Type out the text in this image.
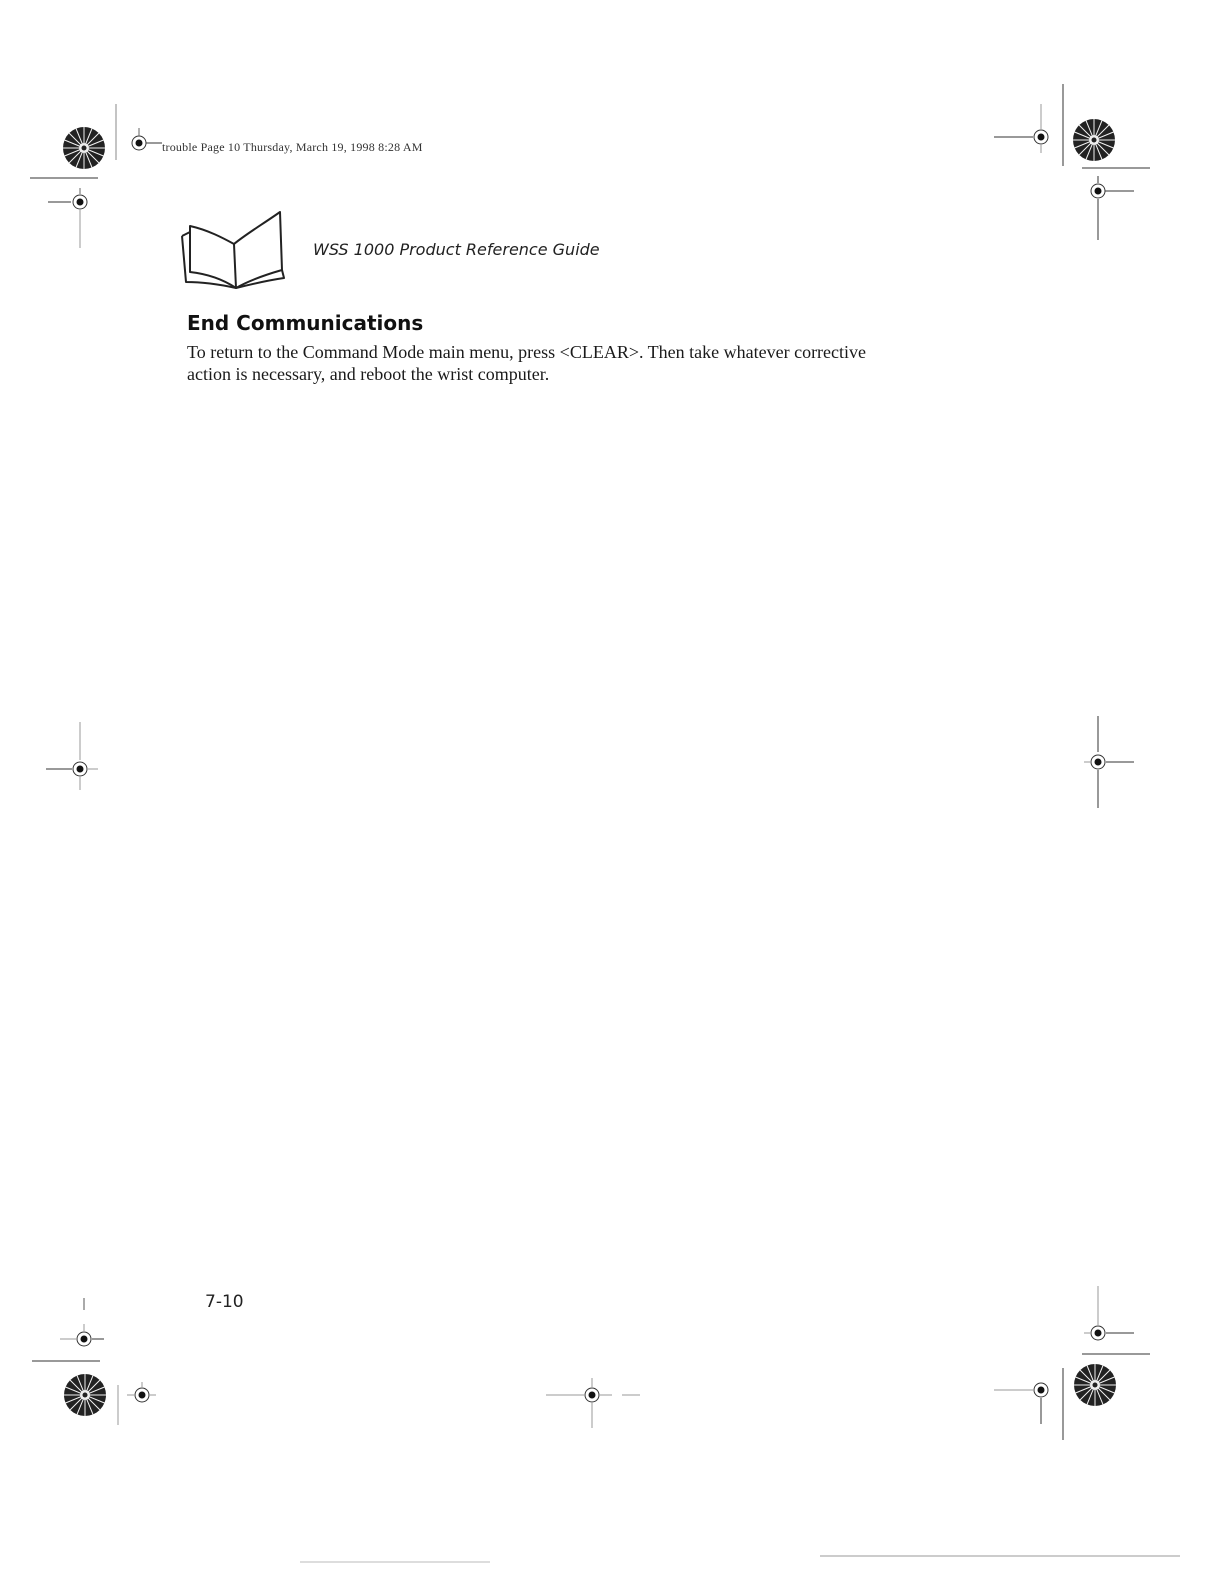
trouble Page 10 Thursday, March 19, 1998 8:28 AM
WSS 1000 Product Reference Guide
End Communications

To return to the Command Mode main menu, press <CLEAR>. Then take whatever corrective action is necessary, and reboot the wrist computer.

7-10
